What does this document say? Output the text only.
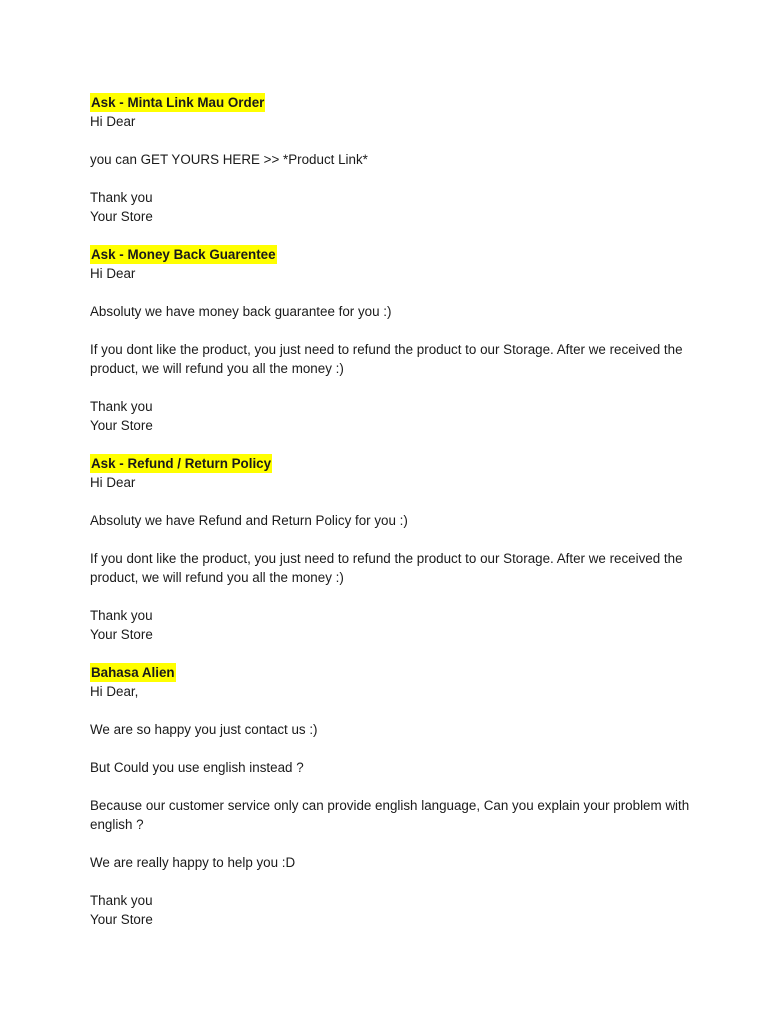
Ask - Minta Link Mau Order

Hi Dear

you can GET YOURS HERE >> *Product Link*

Thank you

Your Store

Ask - Money Back Guarentee

Hi Dear

Absoluty we have money back guarantee for you :)

If you dont like the product, you just need to refund the product to our Storage. After we received the product, we will refund you all the money :)

Thank you

Your Store

Ask - Refund / Return Policy

Hi Dear

Absoluty we have Refund and Return Policy for you :)

If you dont like the product, you just need to refund the product to our Storage. After we received the product, we will refund you all the money :)

Thank you

Your Store

Bahasa Alien

Hi Dear,

We are so happy you just contact us :)

But Could you use english instead ?

Because our customer service only can provide english language, Can you explain your problem with english ?

We are really happy to help you :D

Thank you

Your Store
